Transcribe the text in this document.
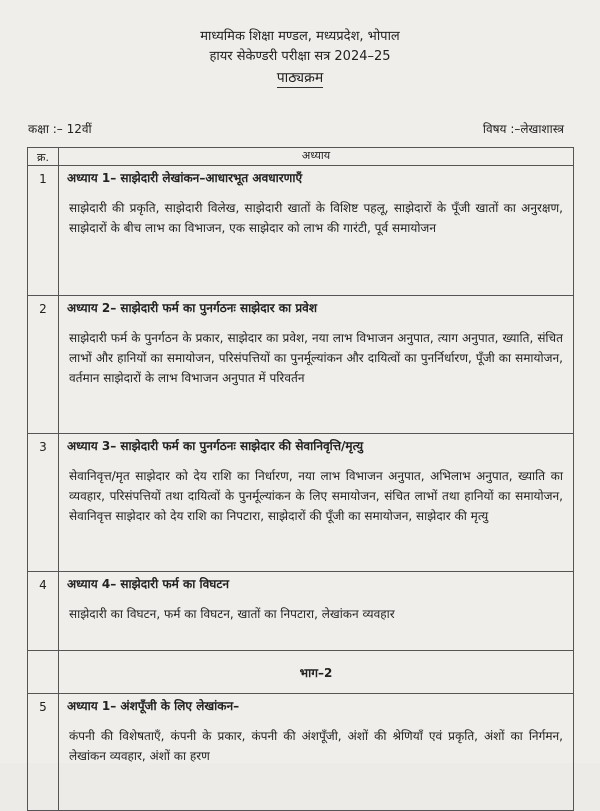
माध्यमिक शिक्षा मण्डल, मध्यप्रदेश, भोपाल
हायर सेकेण्डरी परीक्षा सत्र 2024–25
पाठ्यक्रम
कक्षा :– 12वीं	विषय :–लेखाशास्त्र
क्र.	अध्याय
1	अध्याय 1– साझेदारी लेखांकन–आधारभूत अवधारणाएँ
साझेदारी की प्रकृति, साझेदारी विलेख, साझेदारी खातों के विशिष्ट पहलू, साझेदारों के पूँजी खातों का अनुरक्षण, साझेदारों के बीच लाभ का विभाजन, एक साझेदार को लाभ की गारंटी, पूर्व समायोजन

2	अध्याय 2– साझेदारी फर्म का पुनर्गठनः साझेदार का प्रवेश
साझेदारी फर्म के पुनर्गठन के प्रकार, साझेदार का प्रवेश, नया लाभ विभाजन अनुपात, त्याग अनुपात, ख्याति, संचित लाभों और हानियों का समायोजन, परिसंपत्तियों का पुनर्मूल्यांकन और दायित्वों का पुनर्निर्धारण, पूँजी का समायोजन, वर्तमान साझेदारों के लाभ विभाजन अनुपात में परिवर्तन

3	अध्याय 3– साझेदारी फर्म का पुनर्गठनः साझेदार की सेवानिवृत्ति/मृत्यु
सेवानिवृत्त/मृत साझेदार को देय राशि का निर्धारण, नया लाभ विभाजन अनुपात, अभिलाभ अनुपात, ख्याति का व्यवहार, परिसंपत्तियों तथा दायित्वों के पुनर्मूल्यांकन के लिए समायोजन, संचित लाभों तथा हानियों का समायोजन, सेवानिवृत्त साझेदार को देय राशि का निपटारा, साझेदारों की पूँजी का समायोजन, साझेदार की मृत्यु

4	अध्याय 4– साझेदारी फर्म का विघटन
साझेदारी का विघटन, फर्म का विघटन, खातों का निपटारा, लेखांकन व्यवहार

	भाग–2
5	अध्याय 1– अंशपूँजी के लिए लेखांकन–
कंपनी की विशेषताएँ, कंपनी के प्रकार, कंपनी की अंशपूँजी, अंशों की श्रेणियाँ एवं प्रकृति, अंशों का निर्गमन, लेखांकन व्यवहार, अंशों का हरण
